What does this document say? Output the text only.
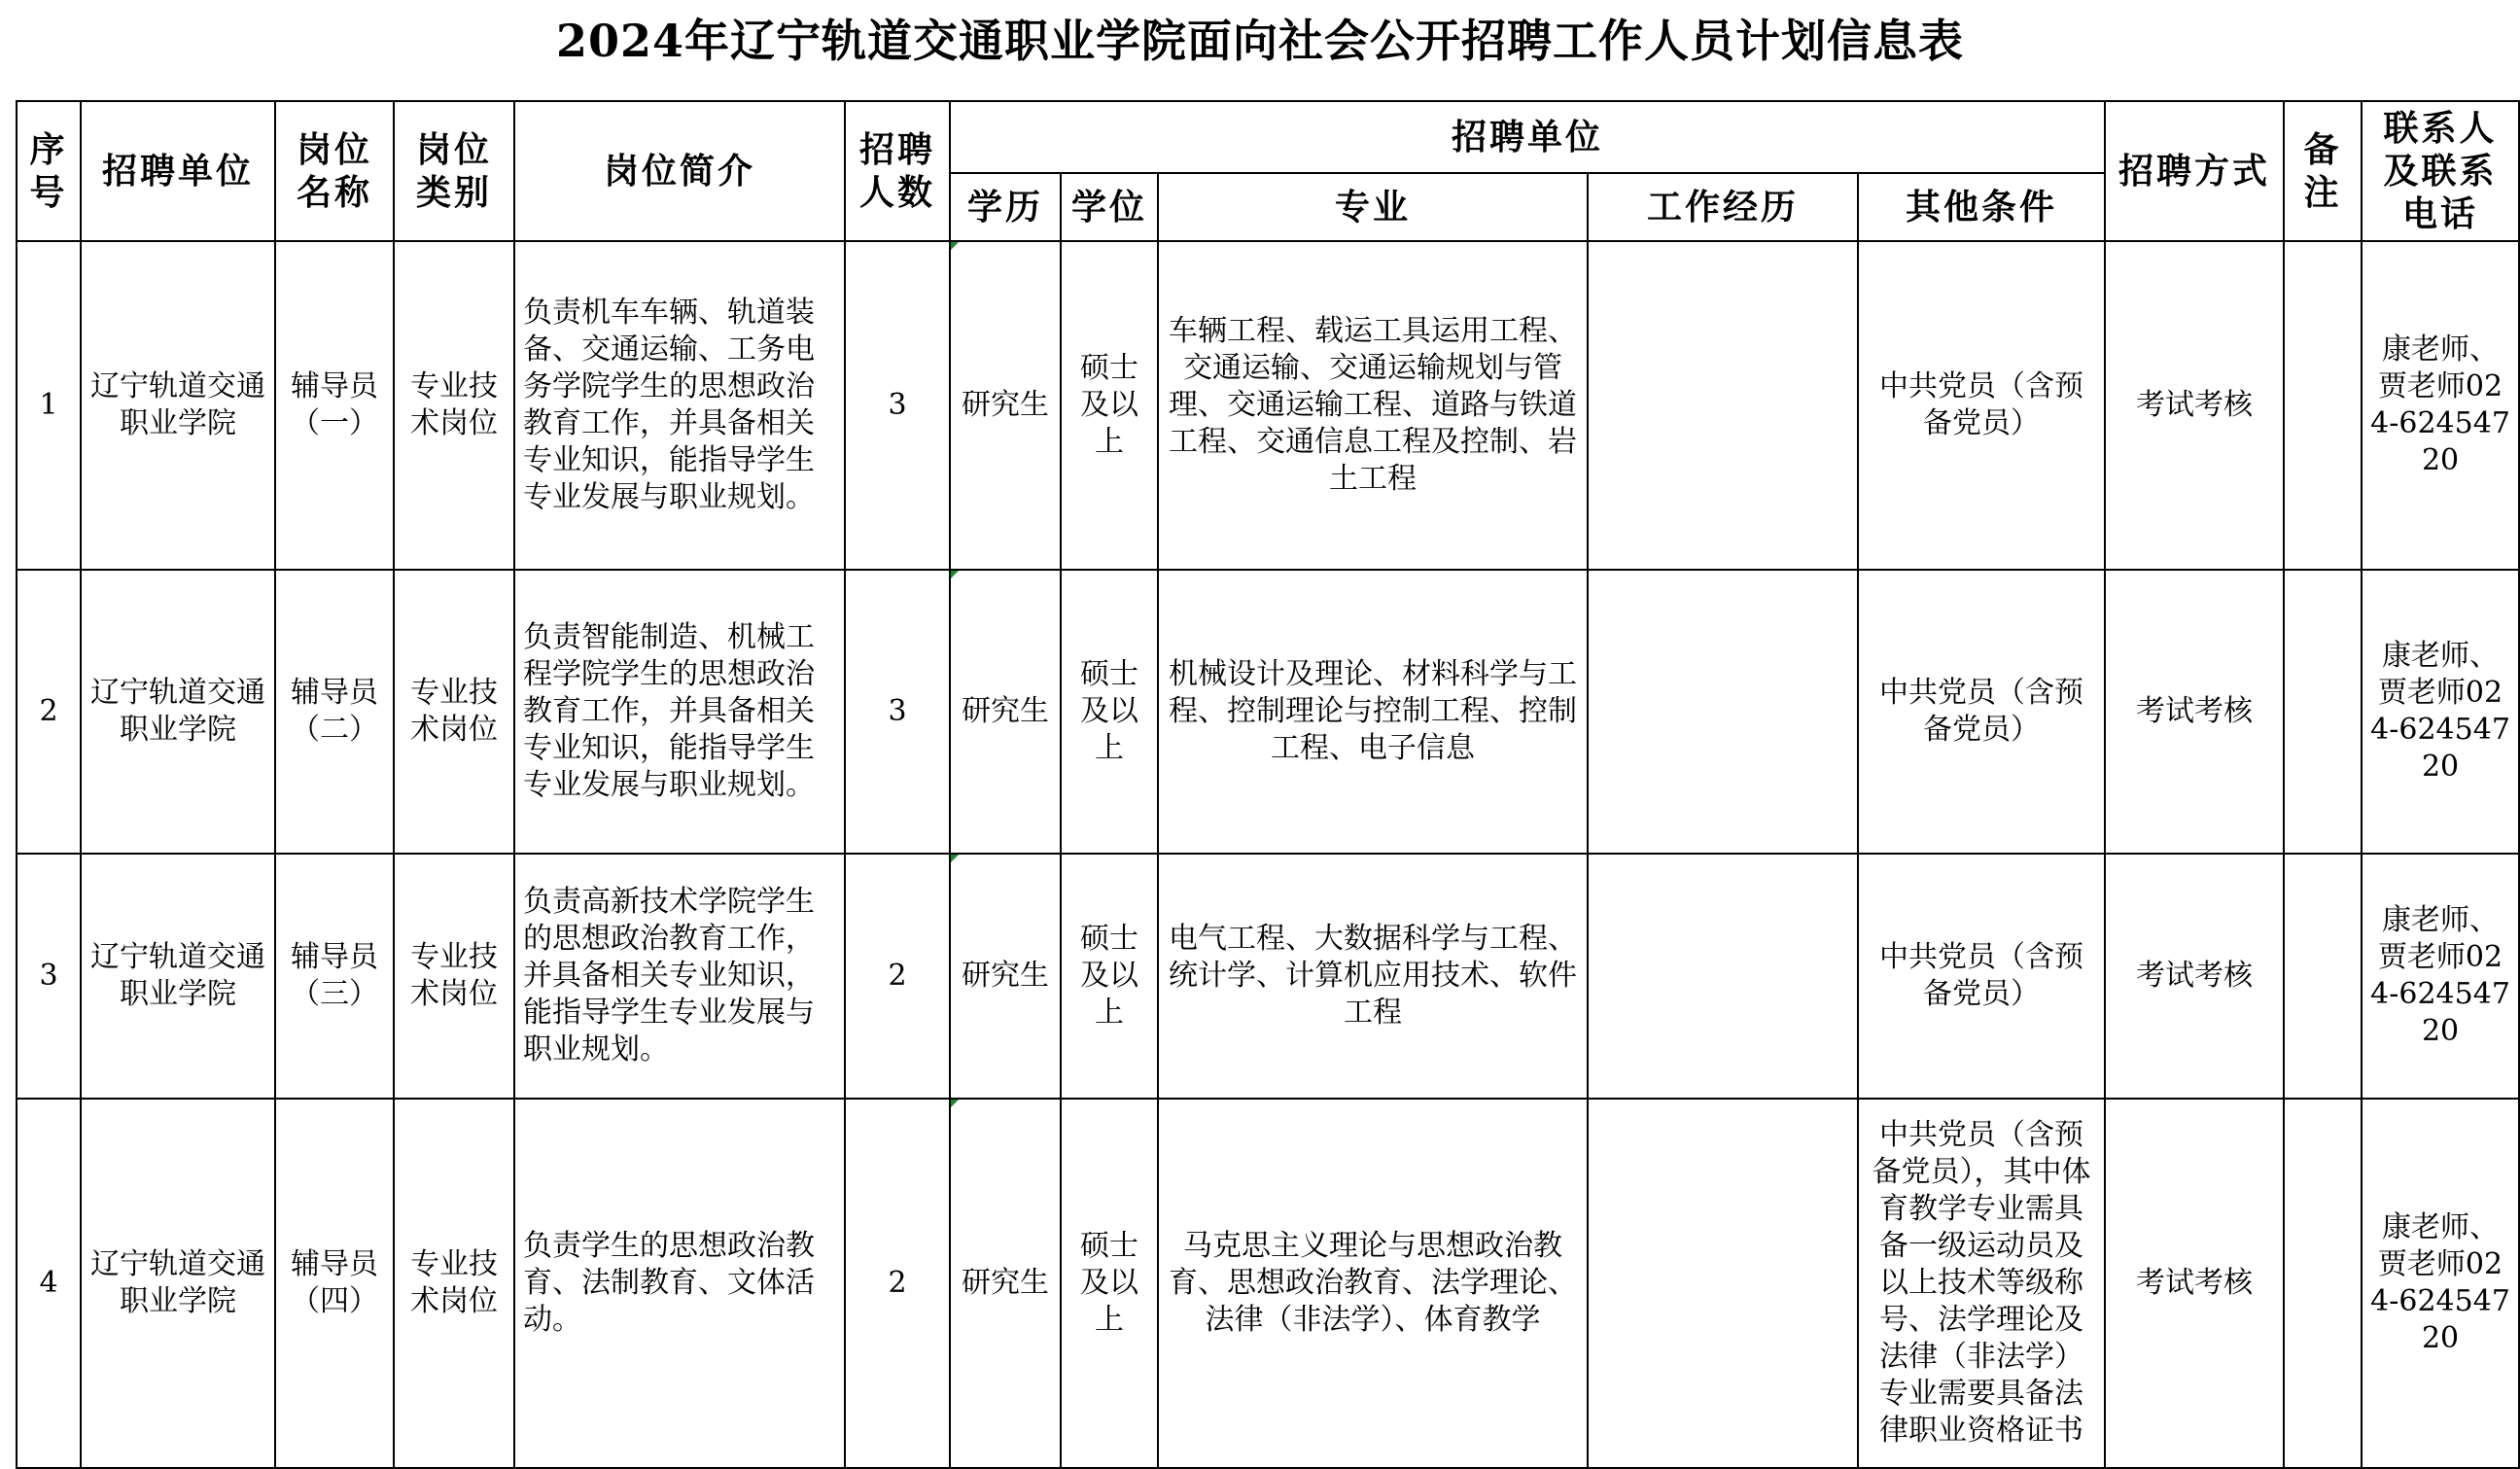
2024年辽宁轨道交通职业学院面向社会公开招聘工作人员计划信息表
序号	招聘单位	岗位名称	岗位类别	岗位简介	招聘人数	招聘单位					招聘方式	备注	联系人及联系电话
						学历	学位	专业	工作经历	其他条件			
1	辽宁轨道交通职业学院	辅导员（一）	专业技术岗位	负责机车车辆、轨道装备、交通运输、工务电务学院学生的思想政治教育工作，并具备相关专业知识，能指导学生专业发展与职业规划。	3	研究生	硕士及以上	车辆工程、载运工具运用工程、交通运输、交通运输规划与管理、交通运输工程、道路与铁道工程、交通信息工程及控制、岩土工程		中共党员（含预备党员）	考试考核		康老师、贾老师024-62454720
2	辽宁轨道交通职业学院	辅导员（二）	专业技术岗位	负责智能制造、机械工程学院学生的思想政治教育工作，并具备相关专业知识，能指导学生专业发展与职业规划。	3	研究生	硕士及以上	机械设计及理论、材料科学与工程、控制理论与控制工程、控制工程、电子信息		中共党员（含预备党员）	考试考核		康老师、贾老师024-62454720
3	辽宁轨道交通职业学院	辅导员（三）	专业技术岗位	负责高新技术学院学生的思想政治教育工作，并具备相关专业知识，能指导学生专业发展与职业规划。	2	研究生	硕士及以上	电气工程、大数据科学与工程、统计学、计算机应用技术、软件工程		中共党员（含预备党员）	考试考核		康老师、贾老师024-62454720
4	辽宁轨道交通职业学院	辅导员（四）	专业技术岗位	负责学生的思想政治教育、法制教育、文体活动。	2	研究生	硕士及以上	马克思主义理论与思想政治教育、思想政治教育、法学理论、法律（非法学）、体育教学		中共党员（含预备党员），其中体育教学专业需具备一级运动员及以上技术等级称号、法学理论及法律（非法学）专业需要具备法律职业资格证书	考试考核		康老师、贾老师024-62454720
